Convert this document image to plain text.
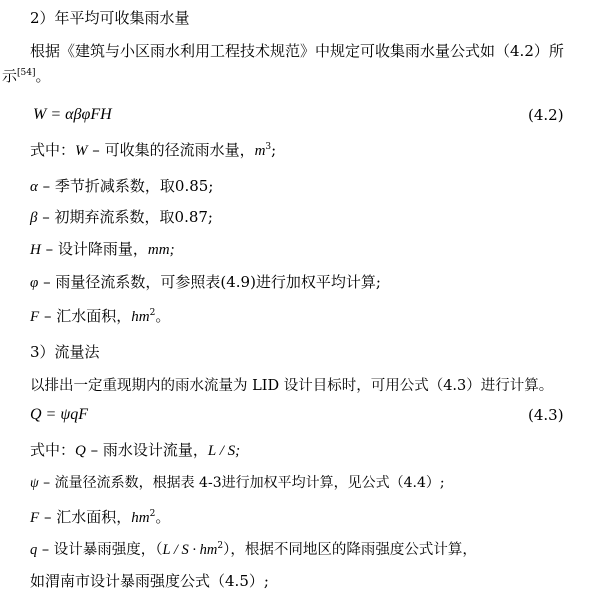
2）年平均可收集雨水量
根据《建筑与小区雨水利用工程技术规范》中规定可收集雨水量公式如（4.2）所
示[54]。
W = αβφFH	(4.2)
式中：W – 可收集的径流雨水量，$m^3$;
α – 季节折减系数，取0.85;
β – 初期弃流系数，取0.87;
H – 设计降雨量，mm;
φ – 雨量径流系数，可参照表(4.9)进行加权平均计算;
F – 汇水面积，$hm^2$。
3）流量法
以排出一定重现期内的雨水流量为 LID 设计目标时，可用公式（4.3）进行计算。
Q = ψqF	(4.3)
式中：Q – 雨水设计流量，L / S;
ψ – 流量径流系数，根据表 4-3进行加权平均计算，见公式（4.4）;
F – 汇水面积，$hm^2$。
q – 设计暴雨强度，$(L / S \cdot hm^2)$，根据不同地区的降雨强度公式计算，
如渭南市设计暴雨强度公式（4.5）;
